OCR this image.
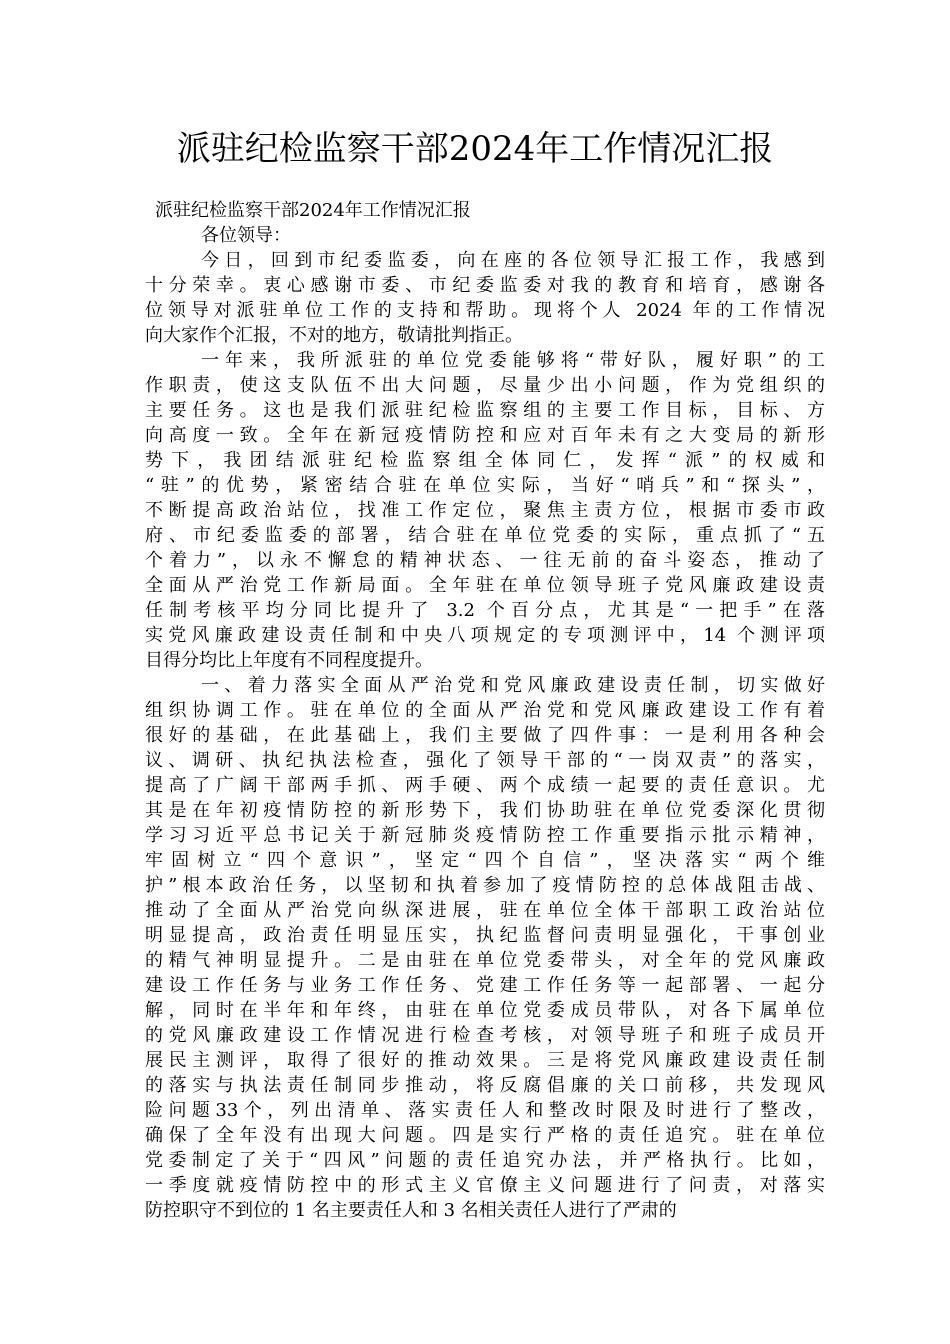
派驻纪检监察干部2024年工作情况汇报

派驻纪检监察干部2024年工作情况汇报

各位领导：

今日，回到市纪委监委，向在座的各位领导汇报工作，我感到
十分荣幸。衷心感谢市委、市纪委监委对我的教育和培育，感谢各
位领导对派驻单位工作的支持和帮助。现将个人 2024 年的工作情况
向大家作个汇报，不对的地方，敬请批判指正。
一年来，我所派驻的单位党委能够将“带好队，履好职”的工
作职责，使这支队伍不出大问题，尽量少出小问题，作为党组织的
主要任务。这也是我们派驻纪检监察组的主要工作目标，目标、方
向高度一致。全年在新冠疫情防控和应对百年未有之大变局的新形
势下，我团结派驻纪检监察组全体同仁，发挥“派”的权威和
“驻”的优势，紧密结合驻在单位实际，当好“哨兵”和“探头”，
不断提高政治站位，找准工作定位，聚焦主责方位，根据市委市政
府、市纪委监委的部署，结合驻在单位党委的实际，重点抓了“五
个着力”，以永不懈怠的精神状态、一往无前的奋斗姿态，推动了
全面从严治党工作新局面。全年驻在单位领导班子党风廉政建设责
任制考核平均分同比提升了 3.2 个百分点，尤其是“一把手”在落
实党风廉政建设责任制和中央八项规定的专项测评中，14 个测评项
目得分均比上年度有不同程度提升。
一、着力落实全面从严治党和党风廉政建设责任制，切实做好
组织协调工作。驻在单位的全面从严治党和党风廉政建设工作有着
很好的基础，在此基础上，我们主要做了四件事：一是利用各种会
议、调研、执纪执法检查，强化了领导干部的“一岗双责”的落实，
提高了广阔干部两手抓、两手硬、两个成绩一起要的责任意识。尤
其是在年初疫情防控的新形势下，我们协助驻在单位党委深化贯彻
学习习近平总书记关于新冠肺炎疫情防控工作重要指示批示精神，
牢固树立“四个意识”，坚定“四个自信”，坚决落实“两个维
护”根本政治任务，以坚韧和执着参加了疫情防控的总体战阻击战、
推动了全面从严治党向纵深进展，驻在单位全体干部职工政治站位
明显提高，政治责任明显压实，执纪监督问责明显强化，干事创业
的精气神明显提升。二是由驻在单位党委带头，对全年的党风廉政
建设工作任务与业务工作任务、党建工作任务等一起部署、一起分
解，同时在半年和年终，由驻在单位党委成员带队，对各下属单位
的党风廉政建设工作情况进行检查考核，对领导班子和班子成员开
展民主测评，取得了很好的推动效果。三是将党风廉政建设责任制
的落实与执法责任制同步推动，将反腐倡廉的关口前移，共发现风
险问题33个，列出清单、落实责任人和整改时限及时进行了整改，
确保了全年没有出现大问题。四是实行严格的责任追究。驻在单位
党委制定了关于“四风”问题的责任追究办法，并严格执行。比如，
一季度就疫情防控中的形式主义官僚主义问题进行了问责，对落实
防控职守不到位的 1 名主要责任人和 3 名相关责任人进行了严肃的
